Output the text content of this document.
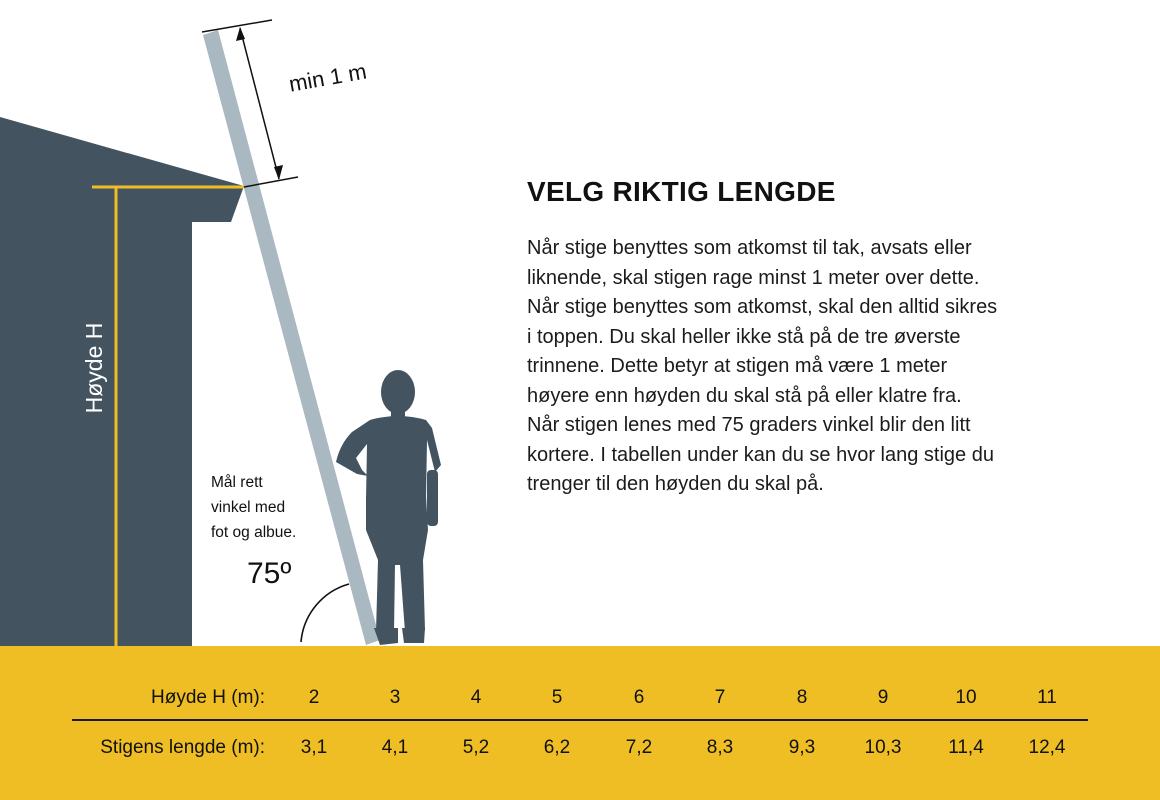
Høyde H
min 1 m
Mål rett
vinkel med
fot og albue.
75º
VELG RIKTIG LENGDE
Når stige benyttes som atkomst til tak, avsats eller
liknende, skal stigen rage minst 1 meter over dette.
Når stige benyttes som atkomst, skal den alltid sikres
i toppen. Du skal heller ikke stå på de tre øverste
trinnene. Dette betyr at stigen må være 1 meter
høyere enn høyden du skal stå på eller klatre fra.
Når stigen lenes med 75 graders vinkel blir den litt
kortere. I tabellen under kan du se hvor lang stige du
trenger til den høyden du skal på.
Høyde H (m):	2	3	4	5	6	7	8	9	10	11
Stigens lengde (m):	3,1	4,1	5,2	6,2	7,2	8,3	9,3	10,3	11,4	12,4
